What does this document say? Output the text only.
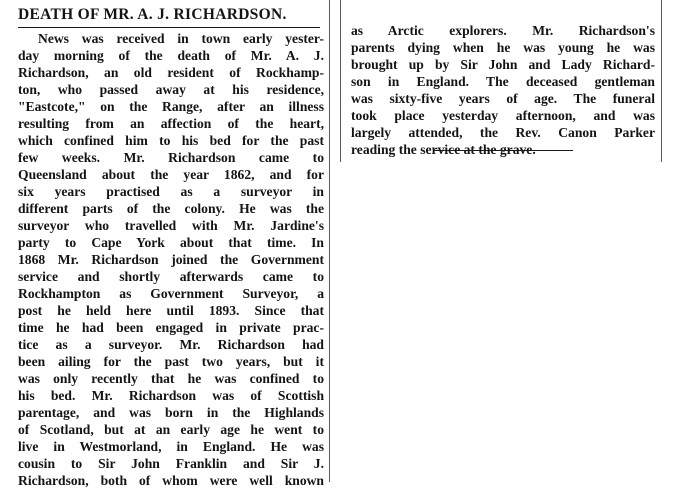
DEATH OF MR. A. J. RICHARDSON.
News was received in town early yester-
day morning of the death of Mr. A. J.
Richardson, an old resident of Rockhamp-
ton, who passed away at his residence,
"Eastcote," on the Range, after an illness
resulting from an affection of the heart,
which confined him to his bed for the past
few weeks. Mr. Richardson came to
Queensland about the year 1862, and for
six years practised as a surveyor in
different parts of the colony. He was the
surveyor who travelled with Mr. Jardine's
party to Cape York about that time. In
1868 Mr. Richardson joined the Government
service and shortly afterwards came to
Rockhampton as Government Surveyor, a
post he held here until 1893. Since that
time he had been engaged in private prac-
tice as a surveyor. Mr. Richardson had
been ailing for the past two years, but it
was only recently that he was confined to
his bed. Mr. Richardson was of Scottish
parentage, and was born in the Highlands
of Scotland, but at an early age he went to
live in Westmorland, in England. He was
cousin to Sir John Franklin and Sir J.
Richardson, both of whom were well known
as Arctic explorers. Mr. Richardson's
parents dying when he was young he was
brought up by Sir John and Lady Richard-
son in England. The deceased gentleman
was sixty-five years of age. The funeral
took place yesterday afternoon, and was
largely attended, the Rev. Canon Parker
reading the service at the grave.
